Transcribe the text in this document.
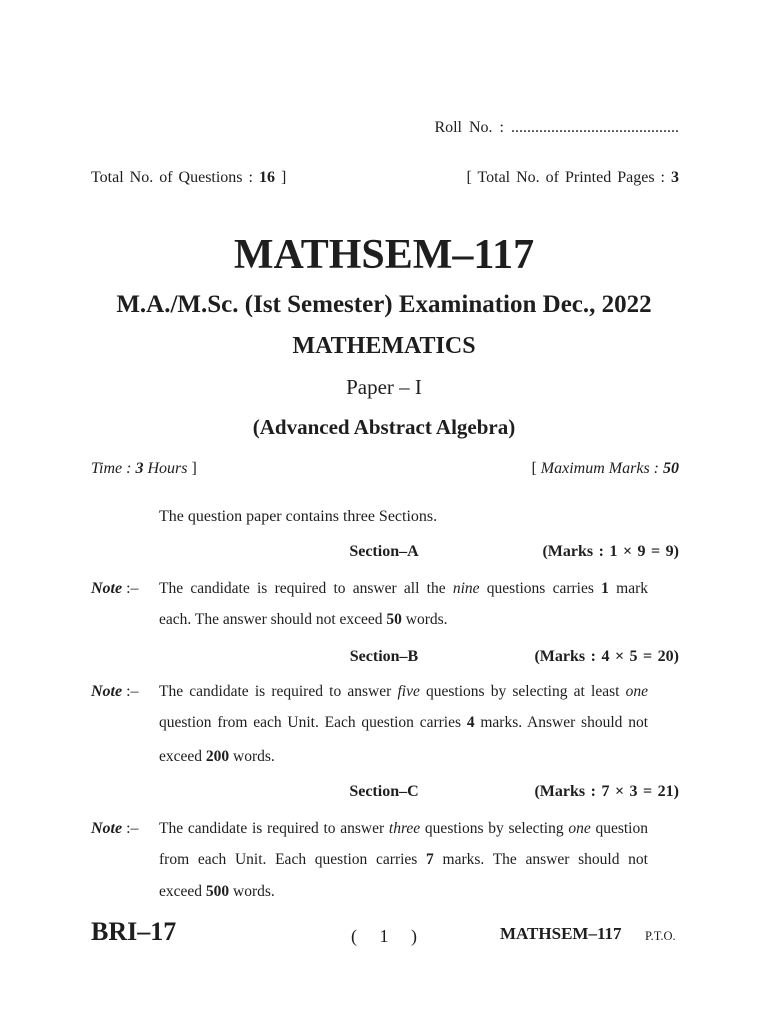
Roll No. : ..........................................
Total No. of Questions : 16 ]	[ Total No. of Printed Pages : 3
MATHSEM–117
M.A./M.Sc. (Ist Semester) Examination Dec., 2022
MATHEMATICS
Paper – I
(Advanced Abstract Algebra)
Time : 3 Hours ]	[ Maximum Marks : 50
The question paper contains three Sections.
Section–A	(Marks : 1 × 9 = 9)
Note :– The candidate is required to answer all the nine questions carries 1 mark
each. The answer should not exceed 50 words.
Section–B	(Marks : 4 × 5 = 20)
Note :– The candidate is required to answer five questions by selecting at least one
question from each Unit. Each question carries 4 marks. Answer should not
exceed 200 words.
Section–C	(Marks : 7 × 3 = 21)
Note :– The candidate is required to answer three questions by selecting one question
from each Unit. Each question carries 7 marks. The answer should not
exceed 500 words.
BRI–17	( 1 )	MATHSEM–117 P.T.O.
